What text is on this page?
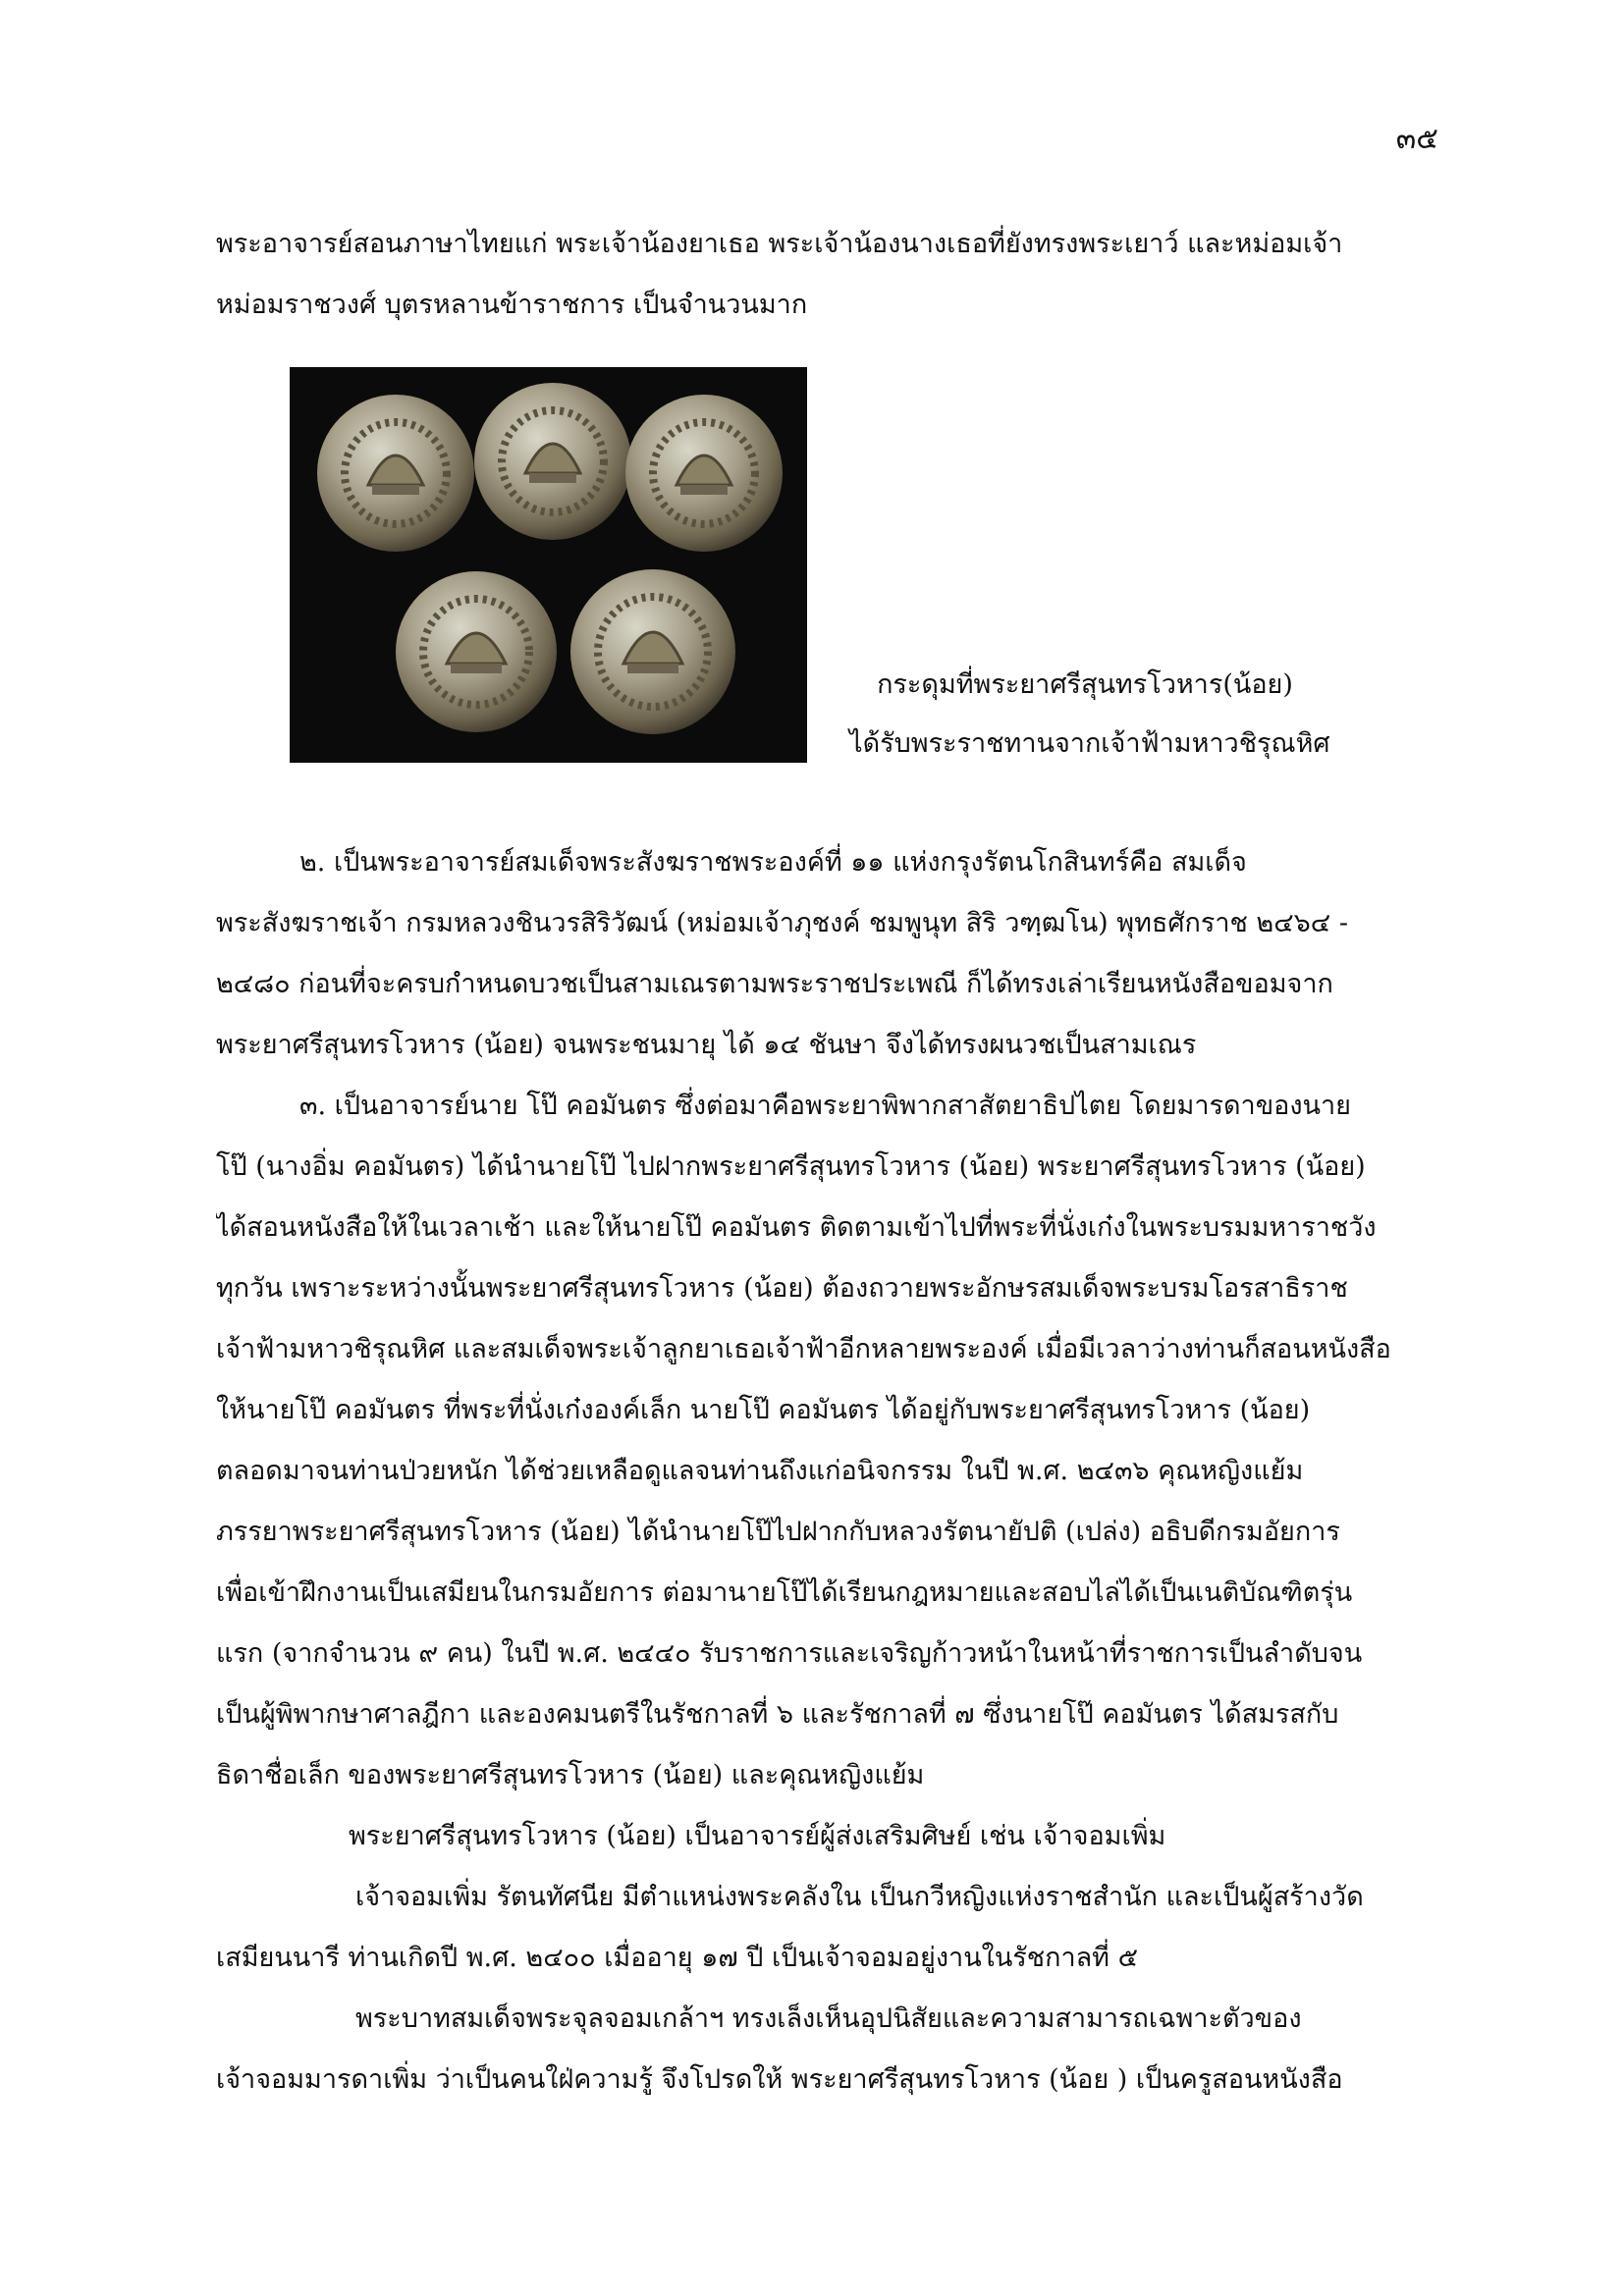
๓๕
พระอาจารย์สอนภาษาไทยแก่ พระเจ้าน้องยาเธอ พระเจ้าน้องนางเธอที่ยังทรงพระเยาว์ และหม่อมเจ้า
หม่อมราชวงศ์ บุตรหลานข้าราชการ เป็นจำนวนมาก
กระดุมที่พระยาศรีสุนทรโวหาร(น้อย)
ได้รับพระราชทานจากเจ้าฟ้ามหาวชิรุณหิศ
๒. เป็นพระอาจารย์สมเด็จพระสังฆราชพระองค์ที่ ๑๑ แห่งกรุงรัตนโกสินทร์คือ สมเด็จ
พระสังฆราชเจ้า กรมหลวงชินวรสิริวัฒน์ (หม่อมเจ้าภุชงค์ ชมพูนุท สิริ วฑฺฒโน) พุทธศักราช ๒๔๖๔ -
๒๔๘๐ ก่อนที่จะครบกำหนดบวชเป็นสามเณรตามพระราชประเพณี ก็ได้ทรงเล่าเรียนหนังสือขอมจาก
พระยาศรีสุนทรโวหาร (น้อย) จนพระชนมายุ ได้ ๑๔ ชันษา จึงได้ทรงผนวชเป็นสามเณร
๓. เป็นอาจารย์นาย โป๊ คอมันตร ซึ่งต่อมาคือพระยาพิพากสาสัตยาธิปไตย โดยมารดาของนาย
โป๊ (นางอิ่ม คอมันตร) ได้นำนายโป๊ ไปฝากพระยาศรีสุนทรโวหาร (น้อย) พระยาศรีสุนทรโวหาร (น้อย)
ได้สอนหนังสือให้ในเวลาเช้า และให้นายโป๊ คอมันตร ติดตามเข้าไปที่พระที่นั่งเก๋งในพระบรมมหาราชวัง
ทุกวัน เพราะระหว่างนั้นพระยาศรีสุนทรโวหาร (น้อย) ต้องถวายพระอักษรสมเด็จพระบรมโอรสาธิราช
เจ้าฟ้ามหาวชิรุณหิศ และสมเด็จพระเจ้าลูกยาเธอเจ้าฟ้าอีกหลายพระองค์ เมื่อมีเวลาว่างท่านก็สอนหนังสือ
ให้นายโป๊ คอมันตร ที่พระที่นั่งเก๋งองค์เล็ก นายโป๊ คอมันตร ได้อยู่กับพระยาศรีสุนทรโวหาร (น้อย)
ตลอดมาจนท่านป่วยหนัก ได้ช่วยเหลือดูแลจนท่านถึงแก่อนิจกรรม ในปี พ.ศ. ๒๔๓๖ คุณหญิงแย้ม
ภรรยาพระยาศรีสุนทรโวหาร (น้อย) ได้นำนายโป๊ไปฝากกับหลวงรัตนายัปติ (เปล่ง) อธิบดีกรมอัยการ
เพื่อเข้าฝึกงานเป็นเสมียนในกรมอัยการ ต่อมานายโป๊ได้เรียนกฎหมายและสอบไล่ได้เป็นเนติบัณฑิตรุ่น
แรก (จากจำนวน ๙ คน) ในปี พ.ศ. ๒๔๔๐ รับราชการและเจริญก้าวหน้าในหน้าที่ราชการเป็นลำดับจน
เป็นผู้พิพากษาศาลฎีกา และองคมนตรีในรัชกาลที่ ๖ และรัชกาลที่ ๗ ซึ่งนายโป๊ คอมันตร ได้สมรสกับ
ธิดาชื่อเล็ก ของพระยาศรีสุนทรโวหาร (น้อย) และคุณหญิงแย้ม
พระยาศรีสุนทรโวหาร (น้อย) เป็นอาจารย์ผู้ส่งเสริมศิษย์ เช่น เจ้าจอมเพิ่ม
เจ้าจอมเพิ่ม รัตนทัศนีย มีตำแหน่งพระคลังใน เป็นกวีหญิงแห่งราชสำนัก และเป็นผู้สร้างวัด
เสมียนนารี ท่านเกิดปี พ.ศ. ๒๔๐๐ เมื่ออายุ ๑๗ ปี เป็นเจ้าจอมอยู่งานในรัชกาลที่ ๕
พระบาทสมเด็จพระจุลจอมเกล้าฯ ทรงเล็งเห็นอุปนิสัยและความสามารถเฉพาะตัวของ
เจ้าจอมมารดาเพิ่ม ว่าเป็นคนใฝ่ความรู้ จึงโปรดให้ พระยาศรีสุนทรโวหาร (น้อย ) เป็นครูสอนหนังสือ
